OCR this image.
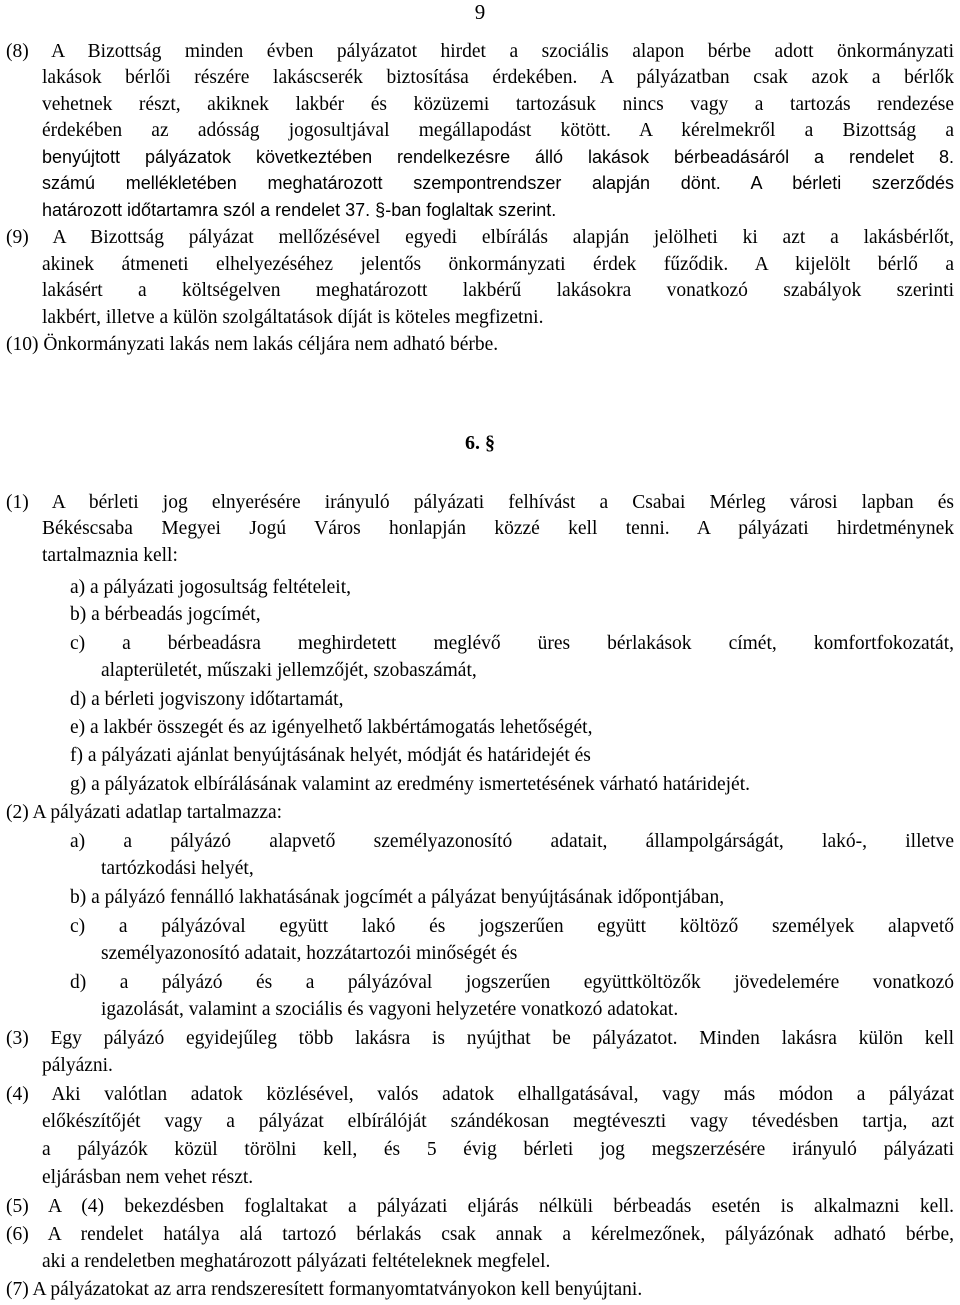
9
(8) A Bizottság minden évben pályázatot hirdet a szociális alapon bérbe adott önkormányzati
lakások bérlői részére lakáscserék biztosítása érdekében. A pályázatban csak azok a bérlők
vehetnek részt, akiknek lakbér és közüzemi tartozásuk nincs vagy a tartozás rendezése
érdekében az adósság jogosultjával megállapodást kötött. A kérelmekről a Bizottság a
benyújtott pályázatok következtében rendelkezésre álló lakások bérbeadásáról a rendelet 8.
számú mellékletében meghatározott szempontrendszer alapján dönt. A bérleti szerződés
határozott időtartamra szól a rendelet 37. §-ban foglaltak szerint.
(9) A Bizottság pályázat mellőzésével egyedi elbírálás alapján jelölheti ki azt a lakásbérlőt,
akinek átmeneti elhelyezéséhez jelentős önkormányzati érdek fűződik. A kijelölt bérlő a
lakásért a költségelven meghatározott lakbérű lakásokra vonatkozó szabályok szerinti
lakbért, illetve a külön szolgáltatások díját is köteles megfizetni.
(10) Önkormányzati lakás nem lakás céljára nem adható bérbe.
6. §
(1) A bérleti jog elnyerésére irányuló pályázati felhívást a Csabai Mérleg városi lapban és
Békéscsaba Megyei Jogú Város honlapján közzé kell tenni. A pályázati hirdetménynek
tartalmaznia kell:
a) a pályázati jogosultság feltételeit,
b) a bérbeadás jogcímét,
c) a bérbeadásra meghirdetett meglévő üres bérlakások címét, komfortfokozatát,
alapterületét, műszaki jellemzőjét, szobaszámát,
d) a bérleti jogviszony időtartamát,
e) a lakbér összegét és az igényelhető lakbértámogatás lehetőségét,
f) a pályázati ajánlat benyújtásának helyét, módját és határidejét és
g) a pályázatok elbírálásának valamint az eredmény ismertetésének várható határidejét.
(2) A pályázati adatlap tartalmazza:
a) a pályázó alapvető személyazonosító adatait, állampolgárságát, lakó-, illetve
tartózkodási helyét,
b) a pályázó fennálló lakhatásának jogcímét a pályázat benyújtásának időpontjában,
c) a pályázóval együtt lakó és jogszerűen együtt költöző személyek alapvető
személyazonosító adatait, hozzátartozói minőségét és
d) a pályázó és a pályázóval jogszerűen együttköltözők jövedelemére vonatkozó
igazolását, valamint a szociális és vagyoni helyzetére vonatkozó adatokat.
(3) Egy pályázó egyidejűleg több lakásra is nyújthat be pályázatot. Minden lakásra külön kell
pályázni.
(4) Aki valótlan adatok közlésével, valós adatok elhallgatásával, vagy más módon a pályázat
előkészítőjét vagy a pályázat elbírálóját szándékosan megtéveszti vagy tévedésben tartja, azt
a pályázók közül törölni kell, és 5 évig bérleti jog megszerzésére irányuló pályázati
eljárásban nem vehet részt.
(5) A (4) bekezdésben foglaltakat a pályázati eljárás nélküli bérbeadás esetén is alkalmazni kell.
(6) A rendelet hatálya alá tartozó bérlakás csak annak a kérelmezőnek, pályázónak adható bérbe,
aki a rendeletben meghatározott pályázati feltételeknek megfelel.
(7) A pályázatokat az arra rendszeresített formanyomtatványokon kell benyújtani.
